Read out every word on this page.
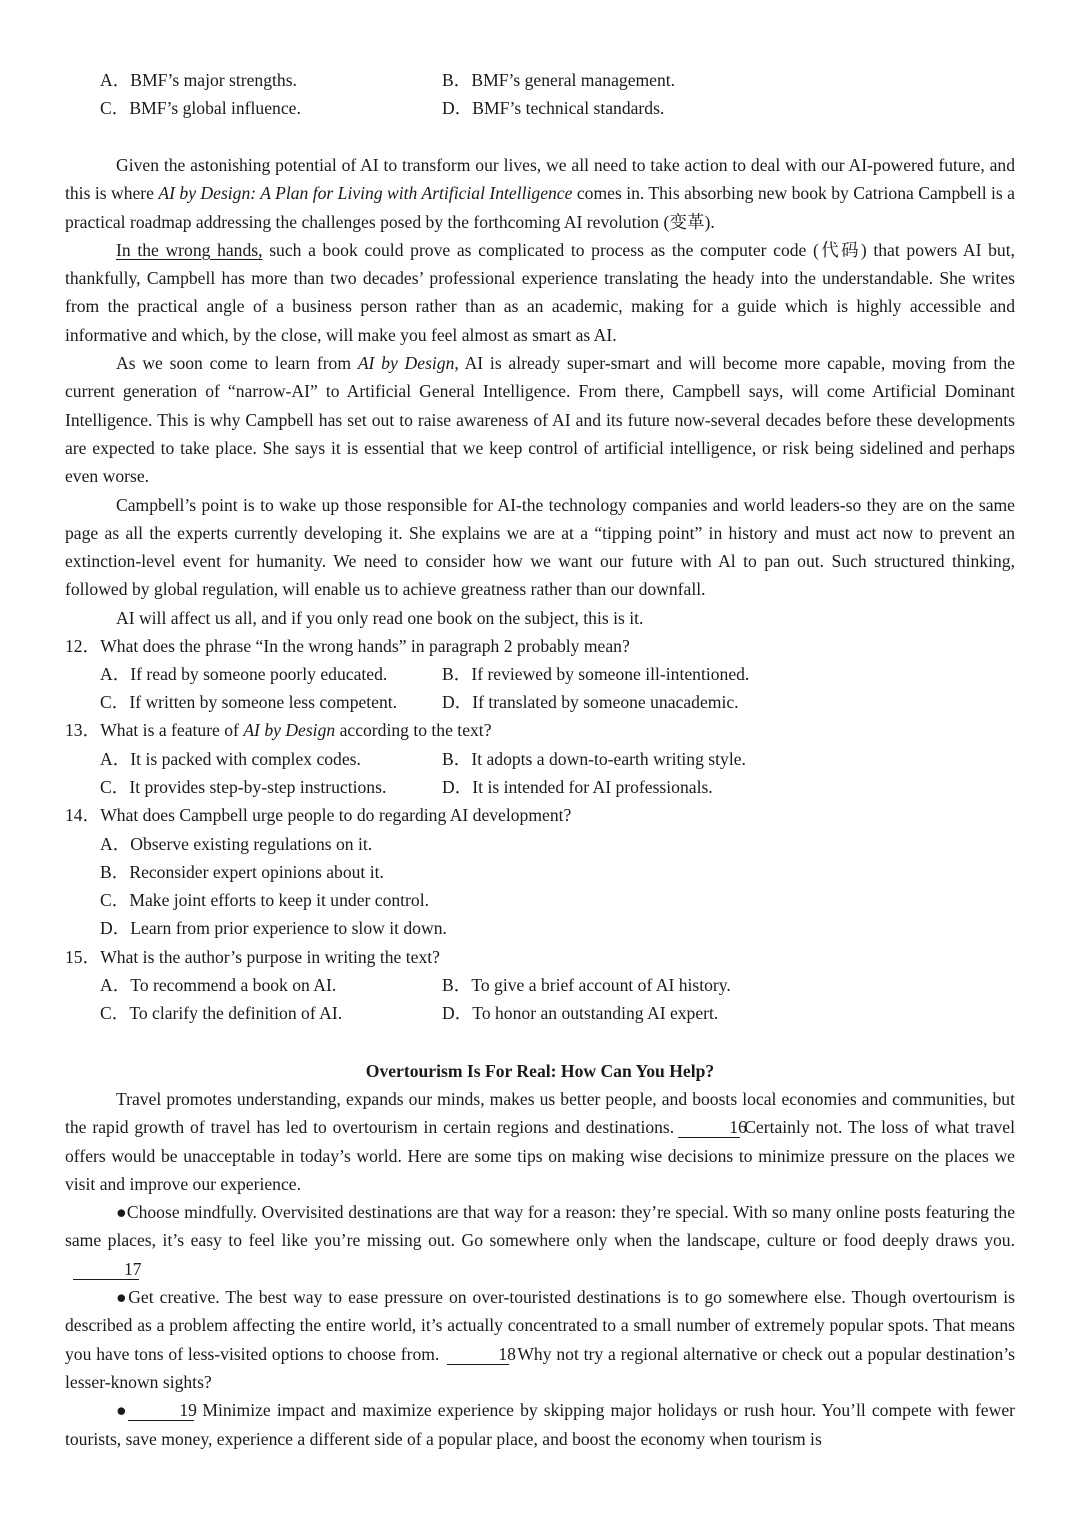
A．BMF’s major strengths.	B．BMF’s general management.
C．BMF’s global influence.	D．BMF’s technical standards.
Given the astonishing potential of AI to transform our lives, we all need to take action to deal with our AI-powered future, and this is where AI by Design: A Plan for Living with Artificial Intelligence comes in. This absorbing new book by Catriona Campbell is a practical roadmap addressing the challenges posed by the forthcoming AI revolution (变革).
In the wrong hands, such a book could prove as complicated to process as the computer code (代码) that powers AI but, thankfully, Campbell has more than two decades’ professional experience translating the heady into the understandable. She writes from the practical angle of a business person rather than as an academic, making for a guide which is highly accessible and informative and which, by the close, will make you feel almost as smart as AI.
As we soon come to learn from AI by Design, AI is already super-smart and will become more capable, moving from the current generation of “narrow-AI” to Artificial General Intelligence. From there, Campbell says, will come Artificial Dominant Intelligence. This is why Campbell has set out to raise awareness of AI and its future now-several decades before these developments are expected to take place. She says it is essential that we keep control of artificial intelligence, or risk being sidelined and perhaps even worse.
Campbell’s point is to wake up those responsible for AI-the technology companies and world leaders-so they are on the same page as all the experts currently developing it. She explains we are at a “tipping point” in history and must act now to prevent an extinction-level event for humanity. We need to consider how we want our future with Al to pan out. Such structured thinking, followed by global regulation, will enable us to achieve greatness rather than our downfall.
AI will affect us all, and if you only read one book on the subject, this is it.
12．What does the phrase “In the wrong hands” in paragraph 2 probably mean?
A．If read by someone poorly educated.	B．If reviewed by someone ill-intentioned.
C．If written by someone less competent.	D．If translated by someone unacademic.
13．What is a feature of AI by Design according to the text?
A．It is packed with complex codes.	B．It adopts a down-to-earth writing style.
C．It provides step-by-step instructions.	D．It is intended for AI professionals.
14．What does Campbell urge people to do regarding AI development?
A．Observe existing regulations on it.
B．Reconsider expert opinions about it.
C．Make joint efforts to keep it under control.
D．Learn from prior experience to slow it down.
15．What is the author’s purpose in writing the text?
A．To recommend a book on AI.	B．To give a brief account of AI history.
C．To clarify the definition of AI.	D．To honor an outstanding AI expert.
Overtourism Is For Real: How Can You Help?
Travel promotes understanding, expands our minds, makes us better people, and boosts local economies and communities, but the rapid growth of travel has led to overtourism in certain regions and destinations.	16Certainly not. The loss of what travel offers would be unacceptable in today’s world. Here are some tips on making wise decisions to minimize pressure on the places we visit and improve our experience.
●Choose mindfully. Overvisited destinations are that way for a reason: they’re special. With so many online posts featuring the same places, it’s easy to feel like you’re missing out. Go somewhere only when the landscape, culture or food deeply draws you.17
●Get creative. The best way to ease pressure on over-touristed destinations is to go somewhere else. Though overtourism is described as a problem affecting the entire world, it’s actually concentrated to a small number of extremely popular spots. That means you have tons of less-visited options to choose from.	18Why not try a regional alternative or check out a popular destination’s lesser-known sights?
●	19 Minimize impact and maximize experience by skipping major holidays or rush hour. You’ll compete with fewer tourists, save money, experience a different side of a popular place, and boost the economy when tourism is
